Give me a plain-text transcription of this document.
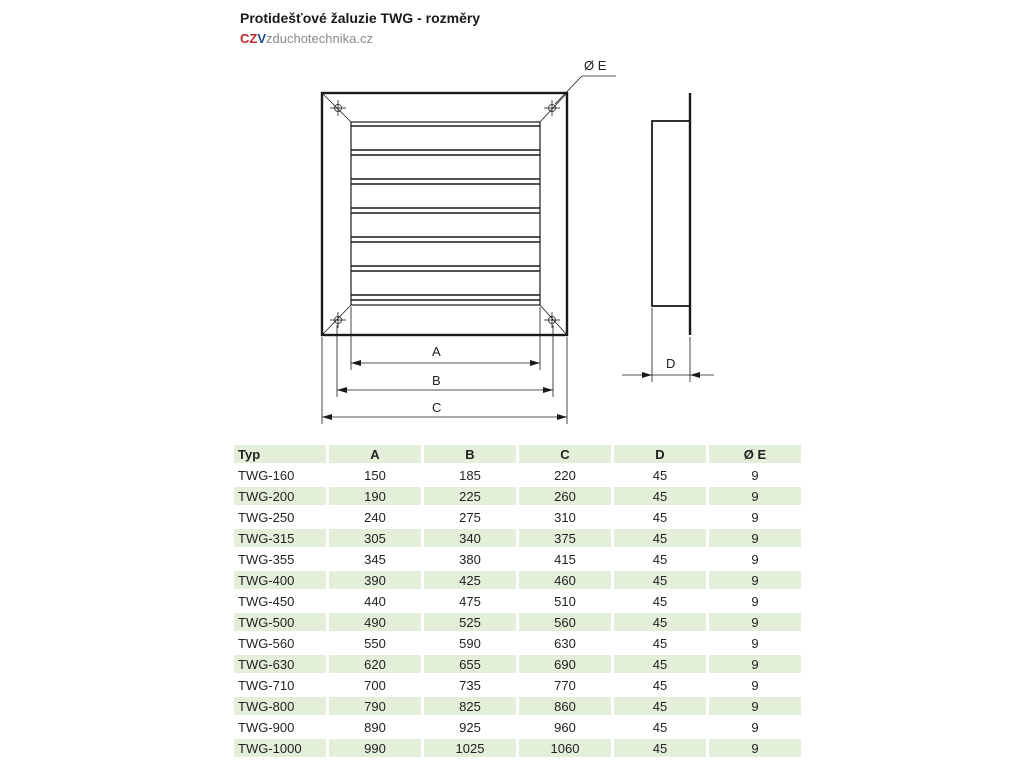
Protidešťové žaluzie TWG - rozměry
CZVzduchotechnika.cz
Ø E
A
B
C
D
Typ		A		B		C		D		Ø E
TWG-160		150		185		220		45		9
TWG-200		190		225		260		45		9
TWG-250		240		275		310		45		9
TWG-315		305		340		375		45		9
TWG-355		345		380		415		45		9
TWG-400		390		425		460		45		9
TWG-450		440		475		510		45		9
TWG-500		490		525		560		45		9
TWG-560		550		590		630		45		9
TWG-630		620		655		690		45		9
TWG-710		700		735		770		45		9
TWG-800		790		825		860		45		9
TWG-900		890		925		960		45		9
TWG-1000		990		1025		1060		45		9
